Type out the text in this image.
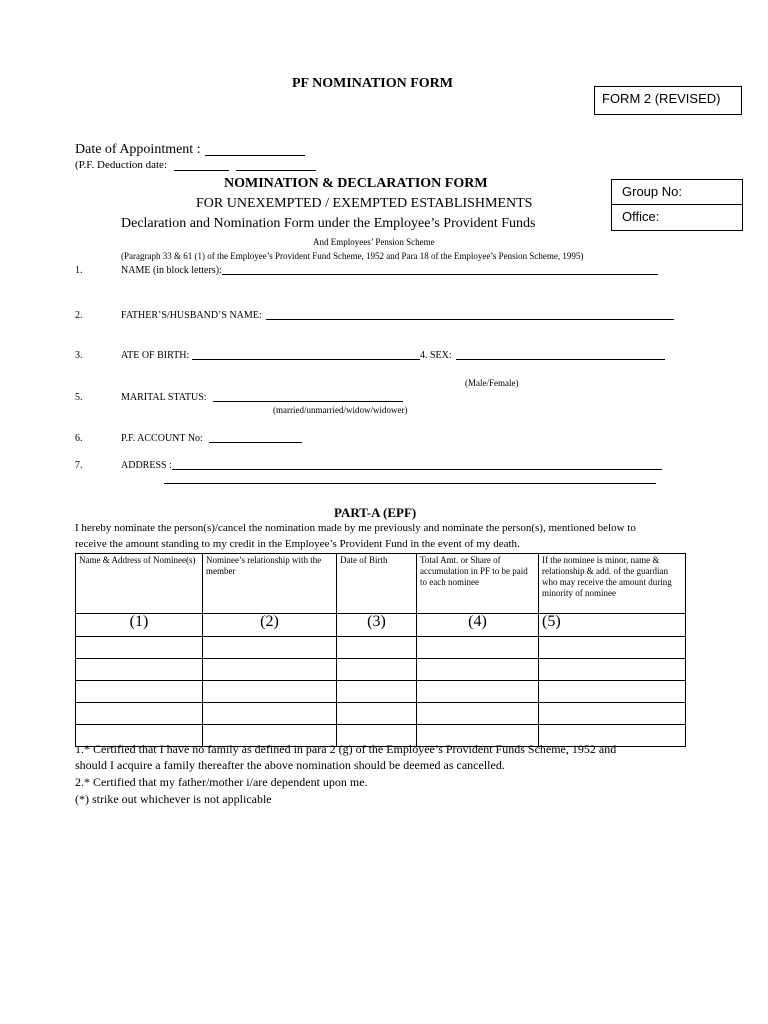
PF NOMINATION FORM
FORM 2 (REVISED)
Date of Appointment :
(P.F. Deduction date:
Group No:
Office:
NOMINATION & DECLARATION FORM
FOR UNEXEMPTED / EXEMPTED ESTABLISHMENTS
Declaration and Nomination Form under the Employee’s Provident Funds
And Employees’ Pension Scheme
(Paragraph 33 & 61 (1) of the Employee’s Provident Fund Scheme, 1952 and Para 18 of the Employee’s Pension Scheme, 1995)
1.	NAME (in block letters):
2.	FATHER’S/HUSBAND’S NAME:
3.	ATE OF BIRTH:	4. SEX:
(Male/Female)
5.	MARITAL STATUS:
(married/unmarried/widow/widower)
6.	P.F. ACCOUNT No:
7.	ADDRESS :
PART-A (EPF)
I hereby nominate the person(s)/cancel the nomination made by me previously and nominate the person(s), mentioned below to
receive the amount standing to my credit in the Employee’s Provident Fund in the event of my death.
Name & Address of Nominee(s)	Nominee’s relationship with the member	Date of Birth	Total Amt. or Share of accumulation in PF to be paid to each nominee	If the nominee is minor, name & relationship & add. of the guardian who may receive the amount during minority of nominee
(1)	(2)	(3)	(4)	(5)

1.* Certified that I have no family as defined in para 2 (g) of the Employee’s Provident Funds Scheme, 1952 and
should I acquire a family thereafter the above nomination should be deemed as cancelled.
2.* Certified that my father/mother i/are dependent upon me.
(*) strike out whichever is not applicable
